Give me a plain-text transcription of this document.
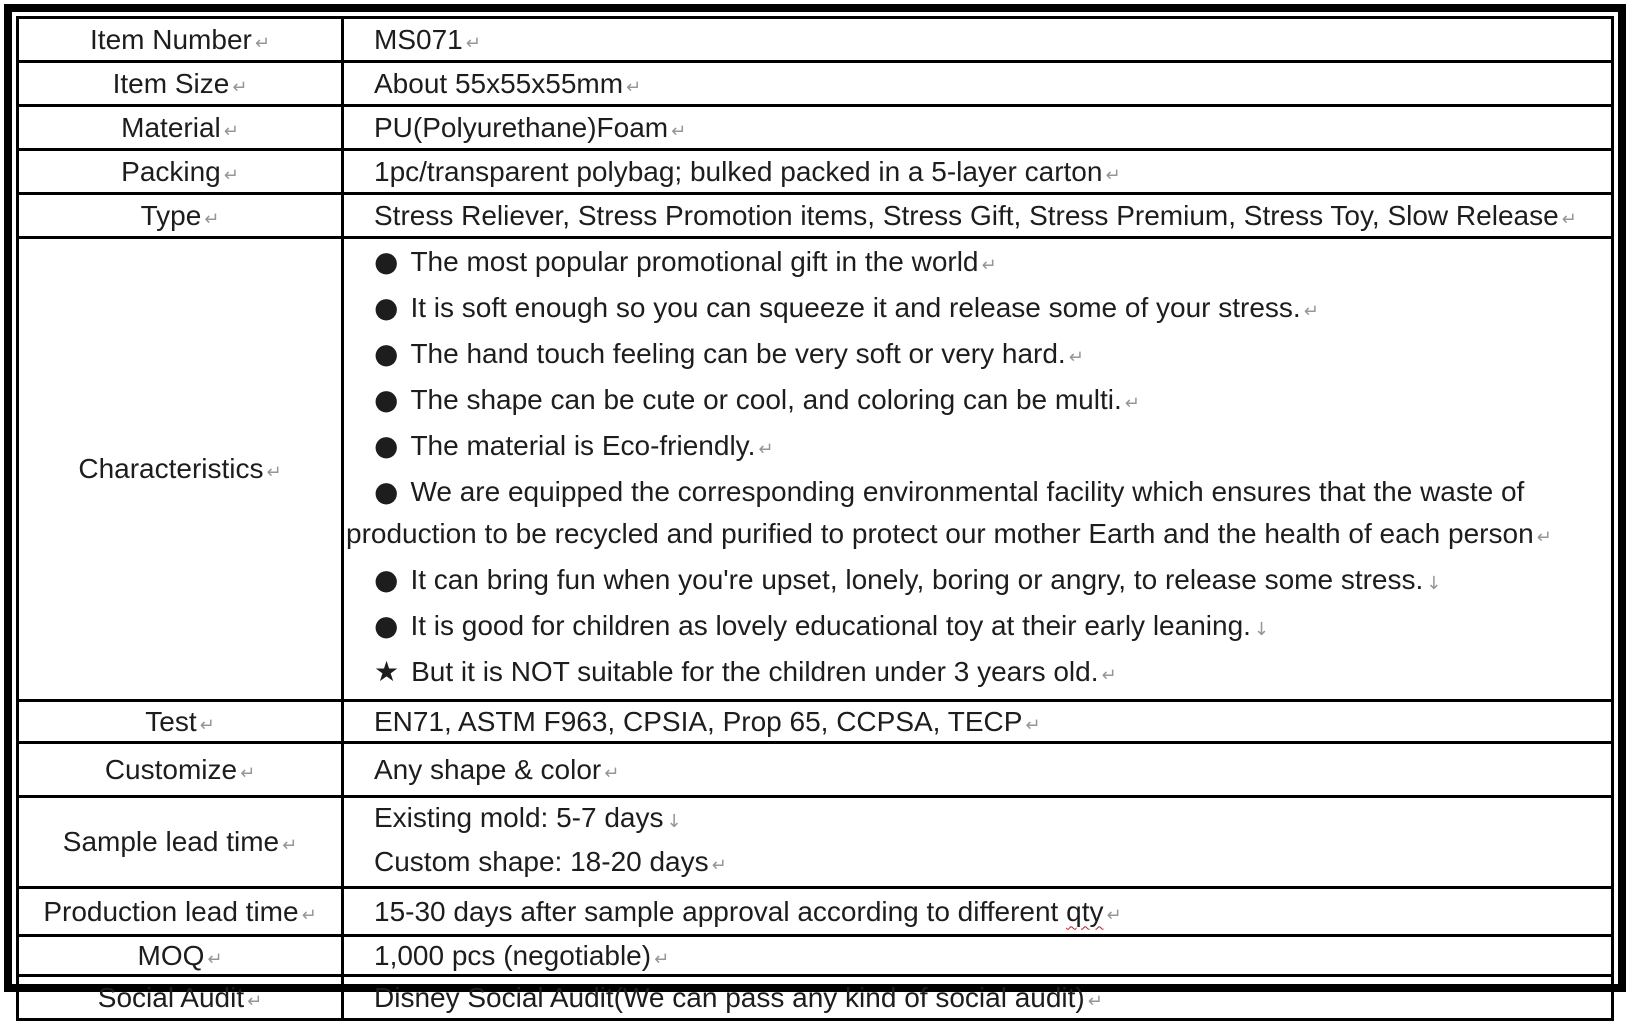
Item Number ↵	MS071 ↵
Item Size ↵	About 55x55x55mm ↵
Material ↵	PU(Polyurethane)Foam ↵
Packing ↵	1pc/transparent polybag; bulked packed in a 5-layer carton ↵
Type ↵	Stress Reliever, Stress Promotion items, Stress Gift, Stress Premium, Stress Toy, Slow Release ↵
Characteristics ↵	
● The most popular promotional gift in the world ↵
● It is soft enough so you can squeeze it and release some of your stress. ↵
● The hand touch feeling can be very soft or very hard. ↵
● The shape can be cute or cool, and coloring can be multi. ↵
● The material is Eco-friendly. ↵
● We are equipped the corresponding environmental facility which ensures that the waste of production to be recycled and purified to protect our mother Earth and the health of each person ↵
● It can bring fun when you're upset, lonely, boring or angry, to release some stress. ↓
● It is good for children as lovely educational toy at their early leaning. ↓
★ But it is NOT suitable for the children under 3 years old. ↵

Test ↵	EN71, ASTM F963, CPSIA, Prop 65, CCPSA, TECP ↵
Customize ↵	Any shape & color ↵
Sample lead time ↵	Existing mold: 5-7 days ↓
Custom shape: 18-20 days ↵

Production lead time ↵	15-30 days after sample approval according to different qty ↵
MOQ ↵	1,000 pcs (negotiable) ↵
Social Audit ↵	Disney Social Audit(We can pass any kind of social audit) ↵
